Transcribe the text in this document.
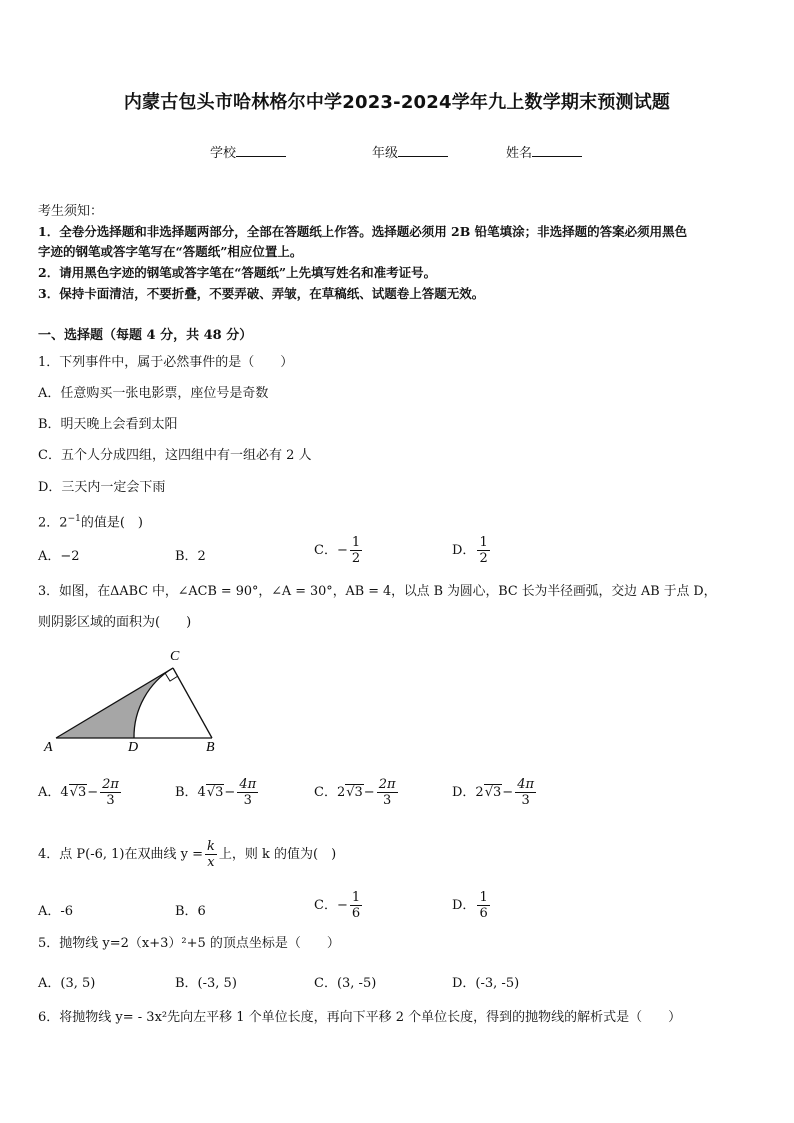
内蒙古包头市哈林格尔中学2023-2024学年九上数学期末预测试题
学校	年级	姓名
考生须知：
1．全卷分选择题和非选择题两部分，全部在答题纸上作答。选择题必须用 2B 铅笔填涂；非选择题的答案必须用黑色
字迹的钢笔或答字笔写在“答题纸”相应位置上。
2．请用黑色字迹的钢笔或答字笔在“答题纸”上先填写姓名和准考证号。
3．保持卡面清洁，不要折叠，不要弄破、弄皱，在草稿纸、试题卷上答题无效。
一、选择题（每题 4 分，共 48 分）
1．下列事件中，属于必然事件的是（　　）
A．任意购买一张电影票，座位号是奇数
B．明天晚上会看到太阳
C．五个人分成四组，这四组中有一组必有 2 人
D．三天内一定会下雨
2．$2^{-1}$的值是(　)
A．−2	B．2	C．− $\frac{1}{2}$	D． $\frac{1}{2}$
3．如图，在ΔABC 中，∠ACB = 90°，∠A = 30°，AB = 4，以点 B 为圆心，BC 长为半径画弧，交边 AB 于点 D，
则阴影区域的面积为(　　)
A	D	B
C
A．$4√3- \frac{2\pi}{3}$	B．$4√3- \frac{4\pi}{3}$	C．$2√3- \frac{2\pi}{3}$	D．$2√3- \frac{4\pi}{3}$
4．点 P(-6, 1)在双曲线 $y = \frac{k}{x}$ 上，则 k 的值为(　)
A．-6	B．6	C．− $\frac{1}{6}$	D． $\frac{1}{6}$
5．抛物线 y=2（x+3）²+5 的顶点坐标是（　　）
A．(3, 5)	B．(-3, 5)	C．(3, -5)	D．(-3, -5)
6．将抛物线 y= - 3x²先向左平移 1 个单位长度，再向下平移 2 个单位长度，得到的抛物线的解析式是（　　）
